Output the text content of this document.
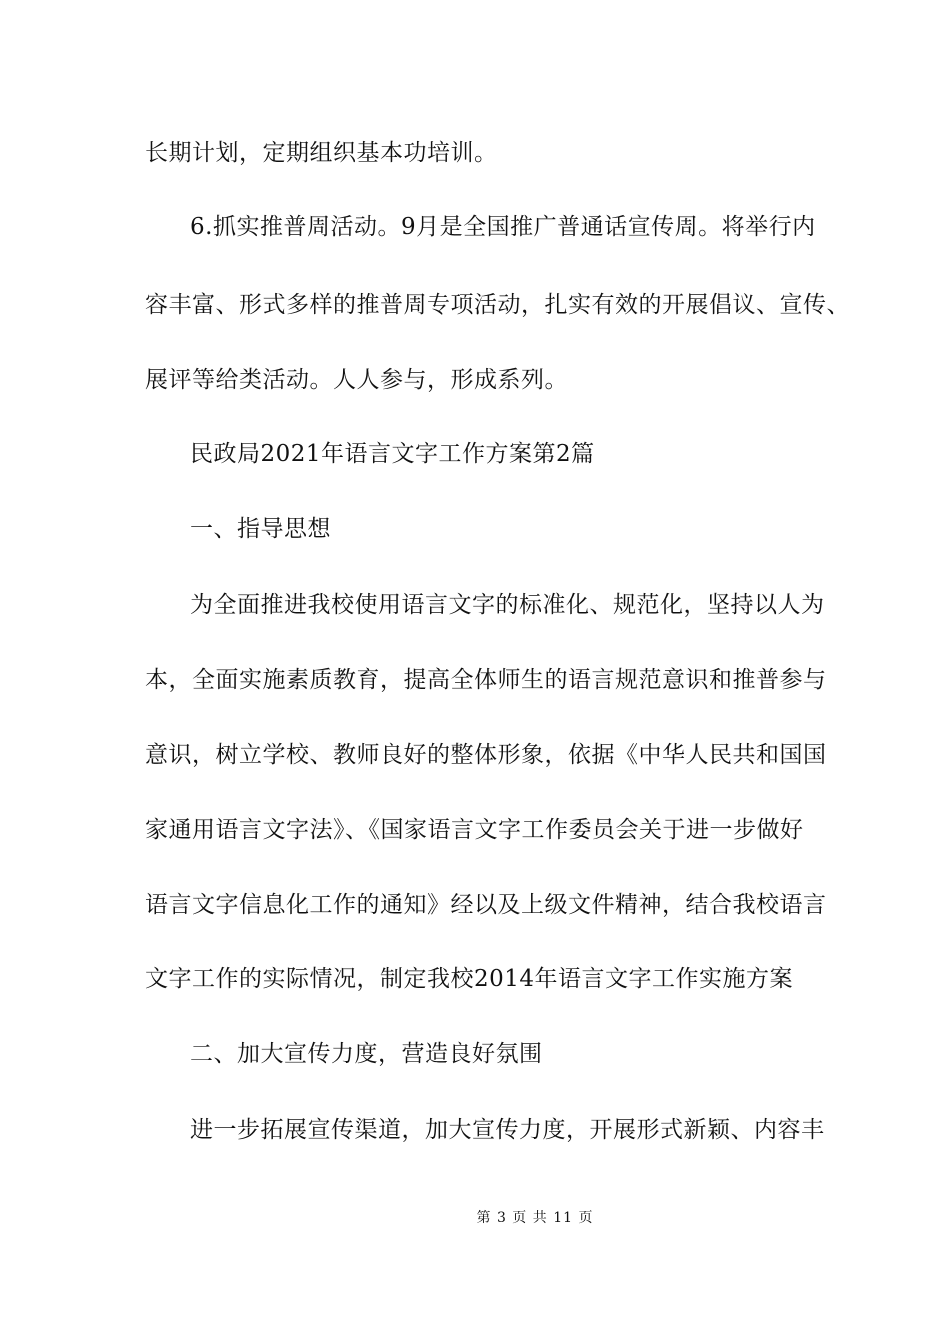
长期计划，定期组织基本功培训。
6.抓实推普周活动。9月是全国推广普通话宣传周。将举行内
容丰富、形式多样的推普周专项活动，扎实有效的开展倡议、宣传、
展评等给类活动。人人参与，形成系列。
民政局2021年语言文字工作方案第2篇
一、指导思想
为全面推进我校使用语言文字的标准化、规范化，坚持以人为
本，全面实施素质教育，提高全体师生的语言规范意识和推普参与
意识，树立学校、教师良好的整体形象，依据《中华人民共和国国
家通用语言文字法》、《国家语言文字工作委员会关于进一步做好
语言文字信息化工作的通知》经以及上级文件精神，结合我校语言
文字工作的实际情况，制定我校2014年语言文字工作实施方案
二、加大宣传力度，营造良好氛围
进一步拓展宣传渠道，加大宣传力度，开展形式新颖、内容丰
第 3 页 共 11 页
